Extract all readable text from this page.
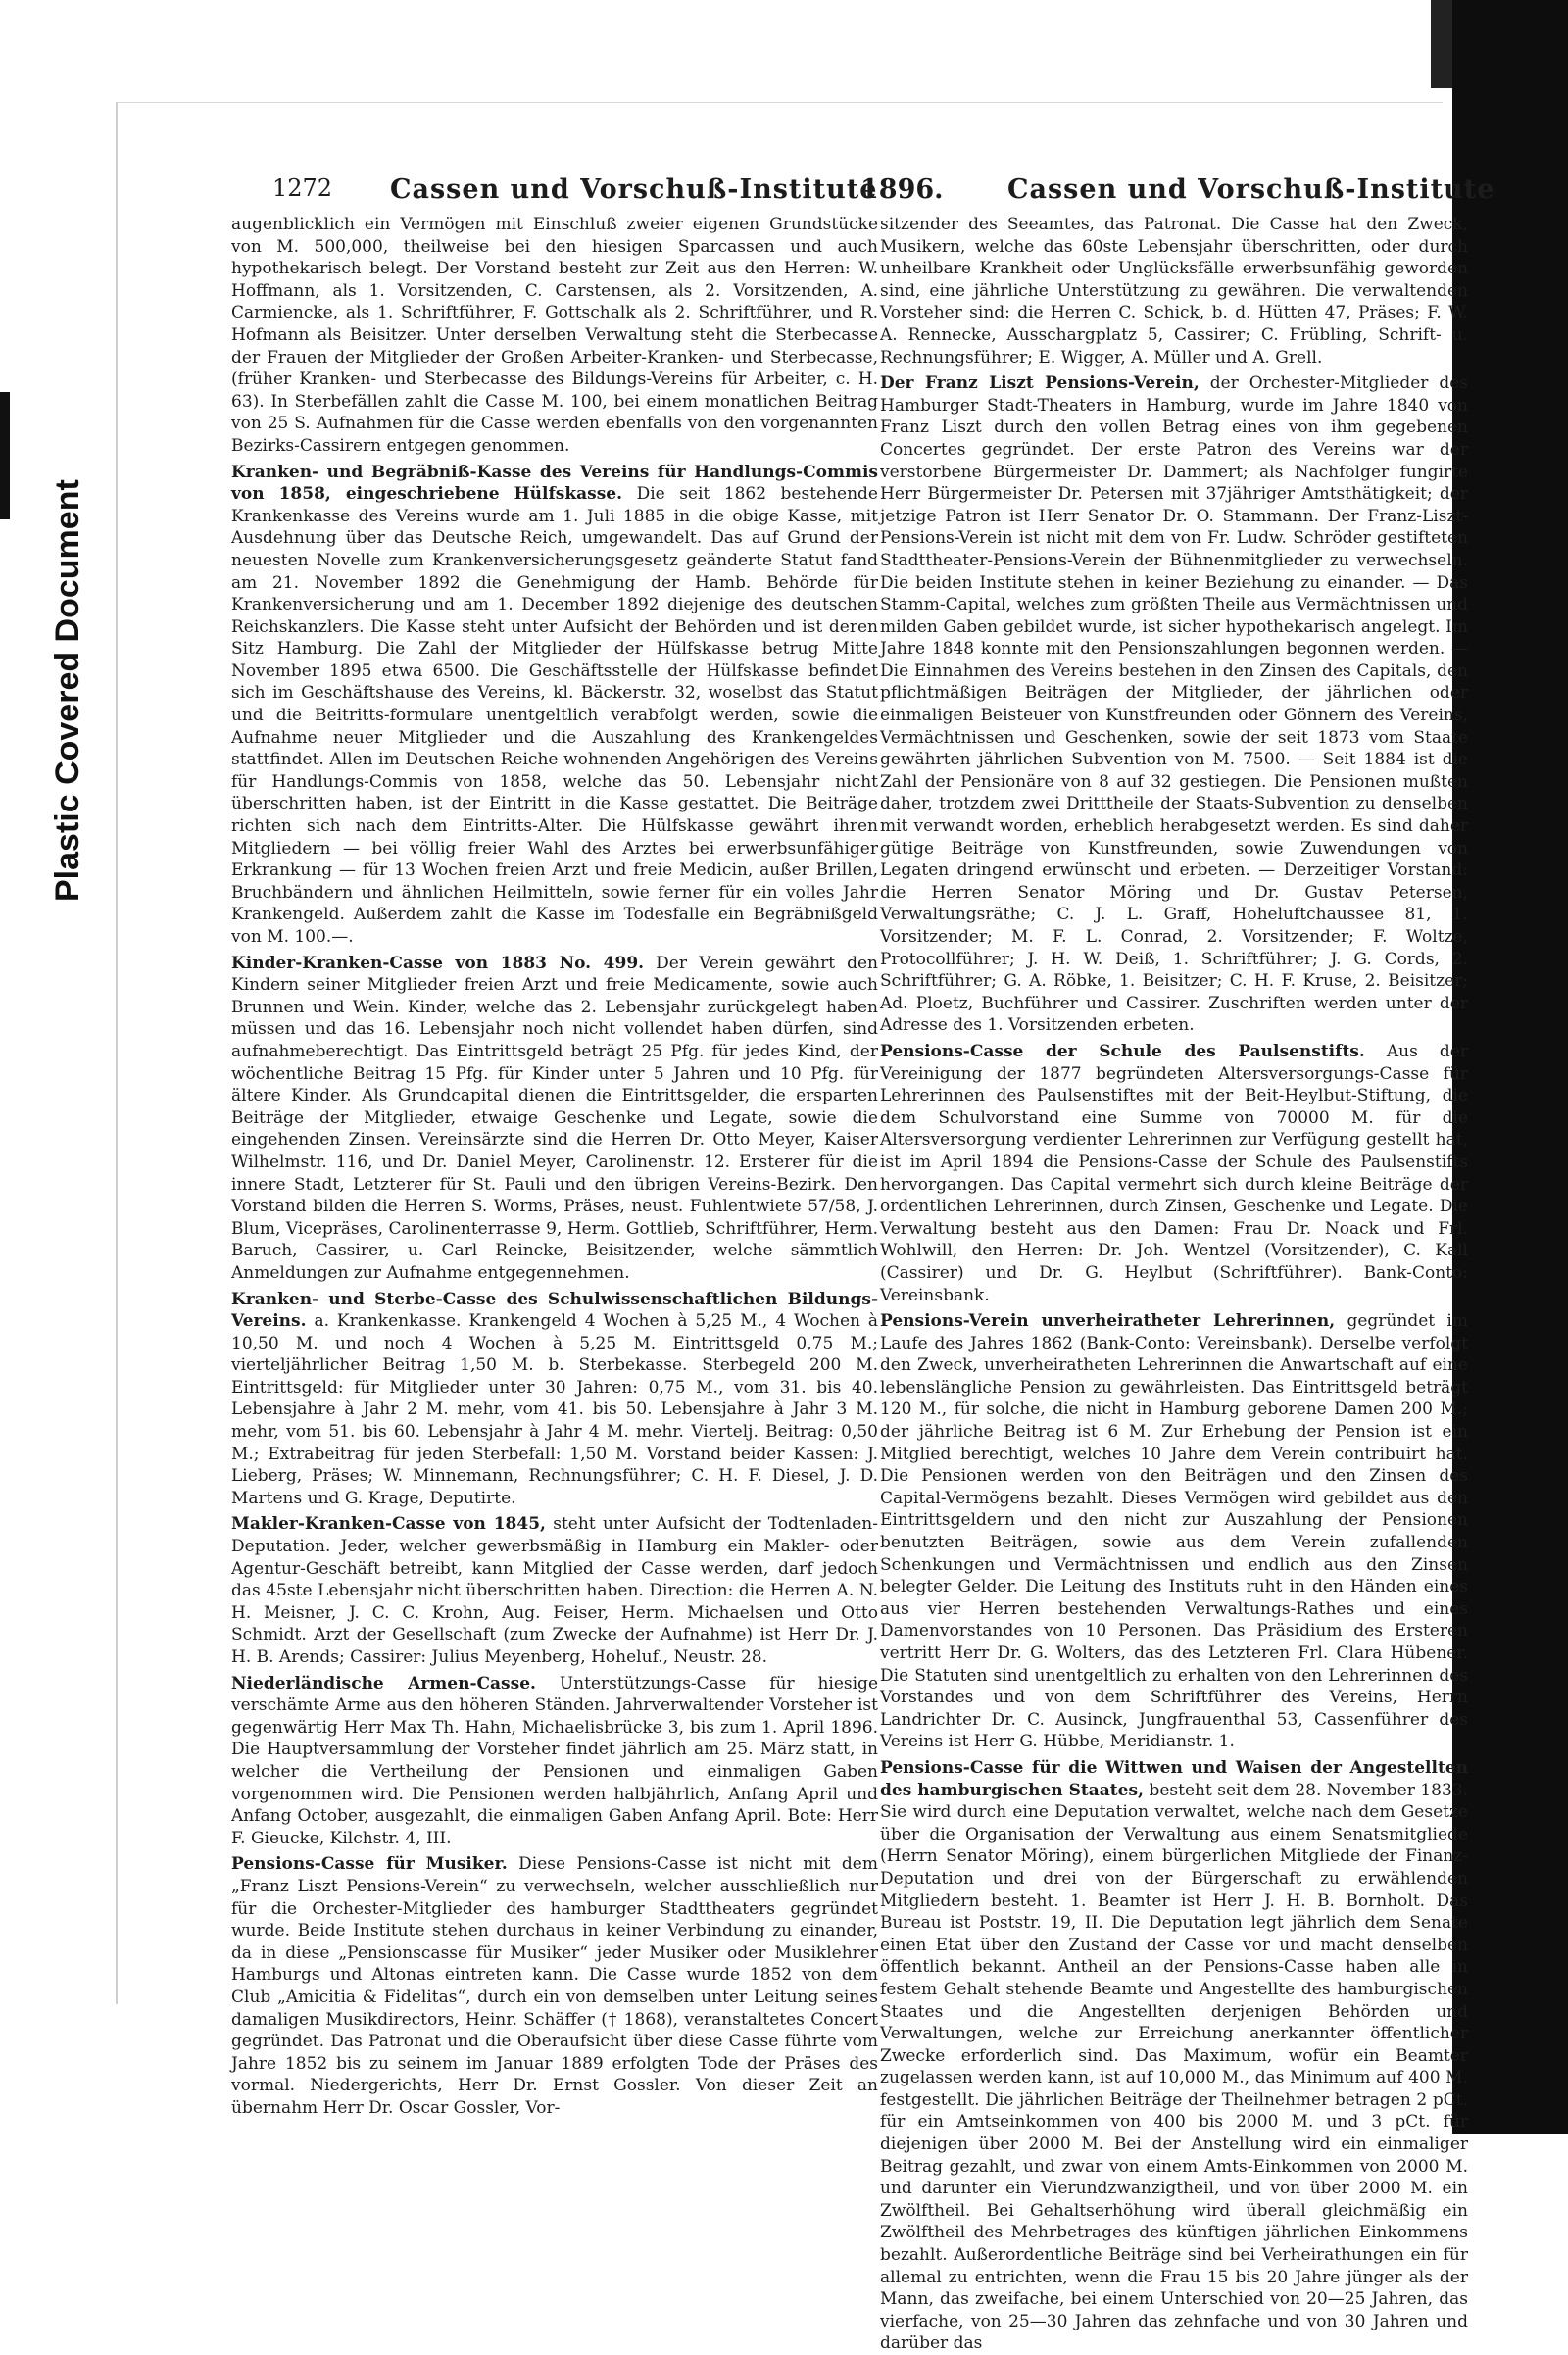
Plastic Covered Document
1272 Cassen und Vorschuß-Institute
1896. Cassen und Vorschuß-Institute

augenblicklich ein Vermögen mit Einschluß zweier eigenen Grundstücke von M. 500,000, theilweise bei den hiesigen Sparcassen und auch hypothekarisch belegt. Der Vorstand besteht zur Zeit aus den Herren: W. Hoffmann, als 1. Vorsitzenden, C. Carstensen, als 2. Vorsitzenden, A. Carmiencke, als 1. Schriftführer, F. Gottschalk als 2. Schriftführer, und R. Hofmann als Beisitzer. Unter derselben Verwaltung steht die Sterbecasse der Frauen der Mitglieder der Großen Arbeiter-Kranken- und Sterbecasse, (früher Kranken- und Sterbecasse des Bildungs-Vereins für Arbeiter, c. H. 63). In Sterbefällen zahlt die Casse M. 100, bei einem monatlichen Beitrag von 25 S. Aufnahmen für die Casse werden ebenfalls von den vorgenannten Bezirks-Cassirern entgegen genommen.

Kranken- und Begräbniß-Kasse des Vereins für Handlungs-Commis von 1858, eingeschriebene Hülfskasse. Die seit 1862 bestehende Krankenkasse des Vereins wurde am 1. Juli 1885 in die obige Kasse, mit Ausdehnung über das Deutsche Reich, umgewandelt. Das auf Grund der neuesten Novelle zum Krankenversicherungsgesetz geänderte Statut fand am 21. November 1892 die Genehmigung der Hamb. Behörde für Krankenversicherung und am 1. December 1892 diejenige des deutschen Reichskanzlers. Die Kasse steht unter Aufsicht der Behörden und ist deren Sitz Hamburg. Die Zahl der Mitglieder der Hülfskasse betrug Mitte November 1895 etwa 6500. Die Geschäftsstelle der Hülfskasse befindet sich im Geschäftshause des Vereins, kl. Bäckerstr. 32, woselbst das Statut und die Beitritts-formulare unentgeltlich verabfolgt werden, sowie die Aufnahme neuer Mitglieder und die Auszahlung des Krankengeldes stattfindet. Allen im Deutschen Reiche wohnenden Angehörigen des Vereins für Handlungs-Commis von 1858, welche das 50. Lebensjahr nicht überschritten haben, ist der Eintritt in die Kasse gestattet. Die Beiträge richten sich nach dem Eintritts-Alter. Die Hülfskasse gewährt ihren Mitgliedern — bei völlig freier Wahl des Arztes bei erwerbsunfähiger Erkrankung — für 13 Wochen freien Arzt und freie Medicin, außer Brillen, Bruchbändern und ähnlichen Heilmitteln, sowie ferner für ein volles Jahr Krankengeld. Außerdem zahlt die Kasse im Todesfalle ein Begräbnißgeld von M. 100.—.

Kinder-Kranken-Casse von 1883 No. 499. Der Verein gewährt den Kindern seiner Mitglieder freien Arzt und freie Medicamente, sowie auch Brunnen und Wein. Kinder, welche das 2. Lebensjahr zurückgelegt haben müssen und das 16. Lebensjahr noch nicht vollendet haben dürfen, sind aufnahmeberechtigt. Das Eintrittsgeld beträgt 25 Pfg. für jedes Kind, der wöchentliche Beitrag 15 Pfg. für Kinder unter 5 Jahren und 10 Pfg. für ältere Kinder. Als Grundcapital dienen die Eintrittsgelder, die ersparten Beiträge der Mitglieder, etwaige Geschenke und Legate, sowie die eingehenden Zinsen. Vereinsärzte sind die Herren Dr. Otto Meyer, Kaiser Wilhelmstr. 116, und Dr. Daniel Meyer, Carolinenstr. 12. Ersterer für die innere Stadt, Letzterer für St. Pauli und den übrigen Vereins-Bezirk. Den Vorstand bilden die Herren S. Worms, Präses, neust. Fuhlentwiete 57/58, J. Blum, Vicepräses, Carolinenterrasse 9, Herm. Gottlieb, Schriftführer, Herm. Baruch, Cassirer, u. Carl Reincke, Beisitzender, welche sämmtlich Anmeldungen zur Aufnahme entgegennehmen.

Kranken- und Sterbe-Casse des Schulwissenschaftlichen Bildungs-Vereins. a. Krankenkasse. Krankengeld 4 Wochen à 5,25 M., 4 Wochen à 10,50 M. und noch 4 Wochen à 5,25 M. Eintrittsgeld 0,75 M.; vierteljährlicher Beitrag 1,50 M. b. Sterbekasse. Sterbegeld 200 M. Eintrittsgeld: für Mitglieder unter 30 Jahren: 0,75 M., vom 31. bis 40. Lebensjahre à Jahr 2 M. mehr, vom 41. bis 50. Lebensjahre à Jahr 3 M. mehr, vom 51. bis 60. Lebensjahr à Jahr 4 M. mehr. Viertelj. Beitrag: 0,50 M.; Extrabeitrag für jeden Sterbefall: 1,50 M. Vorstand beider Kassen: J. Lieberg, Präses; W. Minnemann, Rechnungsführer; C. H. F. Diesel, J. D. Martens und G. Krage, Deputirte.

Makler-Kranken-Casse von 1845, steht unter Aufsicht der Todtenladen-Deputation. Jeder, welcher gewerbsmäßig in Hamburg ein Makler- oder Agentur-Geschäft betreibt, kann Mitglied der Casse werden, darf jedoch das 45ste Lebensjahr nicht überschritten haben. Direction: die Herren A. N. H. Meisner, J. C. C. Krohn, Aug. Feiser, Herm. Michaelsen und Otto Schmidt. Arzt der Gesellschaft (zum Zwecke der Aufnahme) ist Herr Dr. J. H. B. Arends; Cassirer: Julius Meyenberg, Hoheluf., Neustr. 28.

Niederländische Armen-Casse. Unterstützungs-Casse für hiesige verschämte Arme aus den höheren Ständen. Jahrverwaltender Vorsteher ist gegenwärtig Herr Max Th. Hahn, Michaelisbrücke 3, bis zum 1. April 1896. Die Hauptversammlung der Vorsteher findet jährlich am 25. März statt, in welcher die Vertheilung der Pensionen und einmaligen Gaben vorgenommen wird. Die Pensionen werden halbjährlich, Anfang April und Anfang October, ausgezahlt, die einmaligen Gaben Anfang April. Bote: Herr F. Gieucke, Kilchstr. 4, III.

Pensions-Casse für Musiker. Diese Pensions-Casse ist nicht mit dem „Franz Liszt Pensions-Verein“ zu verwechseln, welcher ausschließlich nur für die Orchester-Mitglieder des hamburger Stadttheaters gegründet wurde. Beide Institute stehen durchaus in keiner Verbindung zu einander, da in diese „Pensionscasse für Musiker“ jeder Musiker oder Musiklehrer Hamburgs und Altonas eintreten kann. Die Casse wurde 1852 von dem Club „Amicitia & Fidelitas“, durch ein von demselben unter Leitung seines damaligen Musikdirectors, Heinr. Schäffer († 1868), veranstaltetes Concert gegründet. Das Patronat und die Oberaufsicht über diese Casse führte vom Jahre 1852 bis zu seinem im Januar 1889 erfolgten Tode der Präses des vormal. Niedergerichts, Herr Dr. Ernst Gossler. Von dieser Zeit an übernahm Herr Dr. Oscar Gossler, Vor-

sitzender des Seeamtes, das Patronat. Die Casse hat den Zweck, Musikern, welche das 60ste Lebensjahr überschritten, oder durch unheilbare Krankheit oder Unglücksfälle erwerbsunfähig geworden sind, eine jährliche Unterstützung zu gewähren. Die verwaltenden Vorsteher sind: die Herren C. Schick, b. d. Hütten 47, Präses; F. W. A. Rennecke, Ausschargplatz 5, Cassirer; C. Frübling, Schrift- u. Rechnungsführer; E. Wigger, A. Müller und A. Grell.

Der Franz Liszt Pensions-Verein, der Orchester-Mitglieder des Hamburger Stadt-Theaters in Hamburg, wurde im Jahre 1840 von Franz Liszt durch den vollen Betrag eines von ihm gegebenen Concertes gegründet. Der erste Patron des Vereins war der verstorbene Bürgermeister Dr. Dammert; als Nachfolger fungirte Herr Bürgermeister Dr. Petersen mit 37jähriger Amtsthätigkeit; der jetzige Patron ist Herr Senator Dr. O. Stammann. Der Franz-Liszt-Pensions-Verein ist nicht mit dem von Fr. Ludw. Schröder gestifteten Stadttheater-Pensions-Verein der Bühnenmitglieder zu verwechseln. Die beiden Institute stehen in keiner Beziehung zu einander. — Das Stamm-Capital, welches zum größten Theile aus Vermächtnissen und milden Gaben gebildet wurde, ist sicher hypothekarisch angelegt. Im Jahre 1848 konnte mit den Pensionszahlungen begonnen werden. — Die Einnahmen des Vereins bestehen in den Zinsen des Capitals, den pflichtmäßigen Beiträgen der Mitglieder, der jährlichen oder einmaligen Beisteuer von Kunstfreunden oder Gönnern des Vereins, Vermächtnissen und Geschenken, sowie der seit 1873 vom Staate gewährten jährlichen Subvention von M. 7500. — Seit 1884 ist die Zahl der Pensionäre von 8 auf 32 gestiegen. Die Pensionen mußten daher, trotzdem zwei Dritttheile der Staats-Subvention zu denselben mit verwandt worden, erheblich herabgesetzt werden. Es sind daher gütige Beiträge von Kunstfreunden, sowie Zuwendungen von Legaten dringend erwünscht und erbeten. — Derzeitiger Vorstand: die Herren Senator Möring und Dr. Gustav Petersen, Verwaltungsräthe; C. J. L. Graff, Hoheluftchaussee 81, 1. Vorsitzender; M. F. L. Conrad, 2. Vorsitzender; F. Woltze, Protocollführer; J. H. W. Deiß, 1. Schriftführer; J. G. Cords, 2. Schriftführer; G. A. Röbke, 1. Beisitzer; C. H. F. Kruse, 2. Beisitzer; Ad. Ploetz, Buchführer und Cassirer. Zuschriften werden unter der Adresse des 1. Vorsitzenden erbeten.

Pensions-Casse der Schule des Paulsenstifts. Aus der Vereinigung der 1877 begründeten Altersversorgungs-Casse für Lehrerinnen des Paulsenstiftes mit der Beit-Heylbut-Stiftung, die dem Schulvorstand eine Summe von 70000 M. für die Altersversorgung verdienter Lehrerinnen zur Verfügung gestellt hat, ist im April 1894 die Pensions-Casse der Schule des Paulsenstifts hervorgangen. Das Capital vermehrt sich durch kleine Beiträge der ordentlichen Lehrerinnen, durch Zinsen, Geschenke und Legate. Die Verwaltung besteht aus den Damen: Frau Dr. Noack und Frl. Wohlwill, den Herren: Dr. Joh. Wentzel (Vorsitzender), C. Kall (Cassirer) und Dr. G. Heylbut (Schriftführer). Bank-Conto: Vereinsbank.

Pensions-Verein unverheiratheter Lehrerinnen, gegründet im Laufe des Jahres 1862 (Bank-Conto: Vereinsbank). Derselbe verfolgt den Zweck, unverheiratheten Lehrerinnen die Anwartschaft auf eine lebenslängliche Pension zu gewährleisten. Das Eintrittsgeld beträgt 120 M., für solche, die nicht in Hamburg geborene Damen 200 M.; der jährliche Beitrag ist 6 M. Zur Erhebung der Pension ist ein Mitglied berechtigt, welches 10 Jahre dem Verein contribuirt hat. Die Pensionen werden von den Beiträgen und den Zinsen des Capital-Vermögens bezahlt. Dieses Vermögen wird gebildet aus den Eintrittsgeldern und den nicht zur Auszahlung der Pensionen benutzten Beiträgen, sowie aus dem Verein zufallenden Schenkungen und Vermächtnissen und endlich aus den Zinsen belegter Gelder. Die Leitung des Instituts ruht in den Händen eines aus vier Herren bestehenden Verwaltungs-Rathes und eines Damenvorstandes von 10 Personen. Das Präsidium des Ersteren vertritt Herr Dr. G. Wolters, das des Letzteren Frl. Clara Hübener. Die Statuten sind unentgeltlich zu erhalten von den Lehrerinnen des Vorstandes und von dem Schriftführer des Vereins, Herrn Landrichter Dr. C. Ausinck, Jungfrauenthal 53, Cassenführer des Vereins ist Herr G. Hübbe, Meridianstr. 1.

Pensions-Casse für die Wittwen und Waisen der Angestellten des hamburgischen Staates, besteht seit dem 28. November 1833. Sie wird durch eine Deputation verwaltet, welche nach dem Gesetze über die Organisation der Verwaltung aus einem Senatsmitgliede (Herrn Senator Möring), einem bürgerlichen Mitgliede der Finanz-Deputation und drei von der Bürgerschaft zu erwählenden Mitgliedern besteht. 1. Beamter ist Herr J. H. B. Bornholt. Das Bureau ist Poststr. 19, II. Die Deputation legt jährlich dem Senate einen Etat über den Zustand der Casse vor und macht denselben öffentlich bekannt. Antheil an der Pensions-Casse haben alle in festem Gehalt stehende Beamte und Angestellte des hamburgischen Staates und die Angestellten derjenigen Behörden und Verwaltungen, welche zur Erreichung anerkannter öffentlicher Zwecke erforderlich sind. Das Maximum, wofür ein Beamter zugelassen werden kann, ist auf 10,000 M., das Minimum auf 400 M. festgestellt. Die jährlichen Beiträge der Theilnehmer betragen 2 pCt. für ein Amtseinkommen von 400 bis 2000 M. und 3 pCt. für diejenigen über 2000 M. Bei der Anstellung wird ein einmaliger Beitrag gezahlt, und zwar von einem Amts-Einkommen von 2000 M. und darunter ein Vierundzwanzigtheil, und von über 2000 M. ein Zwölftheil. Bei Gehaltserhöhung wird überall gleichmäßig ein Zwölftheil des Mehrbetrages des künftigen jährlichen Einkommens bezahlt. Außerordentliche Beiträge sind bei Verheirathungen ein für allemal zu entrichten, wenn die Frau 15 bis 20 Jahre jünger als der Mann, das zweifache, bei einem Unterschied von 20—25 Jahren, das vierfache, von 25—30 Jahren das zehnfache und von 30 Jahren und darüber das
